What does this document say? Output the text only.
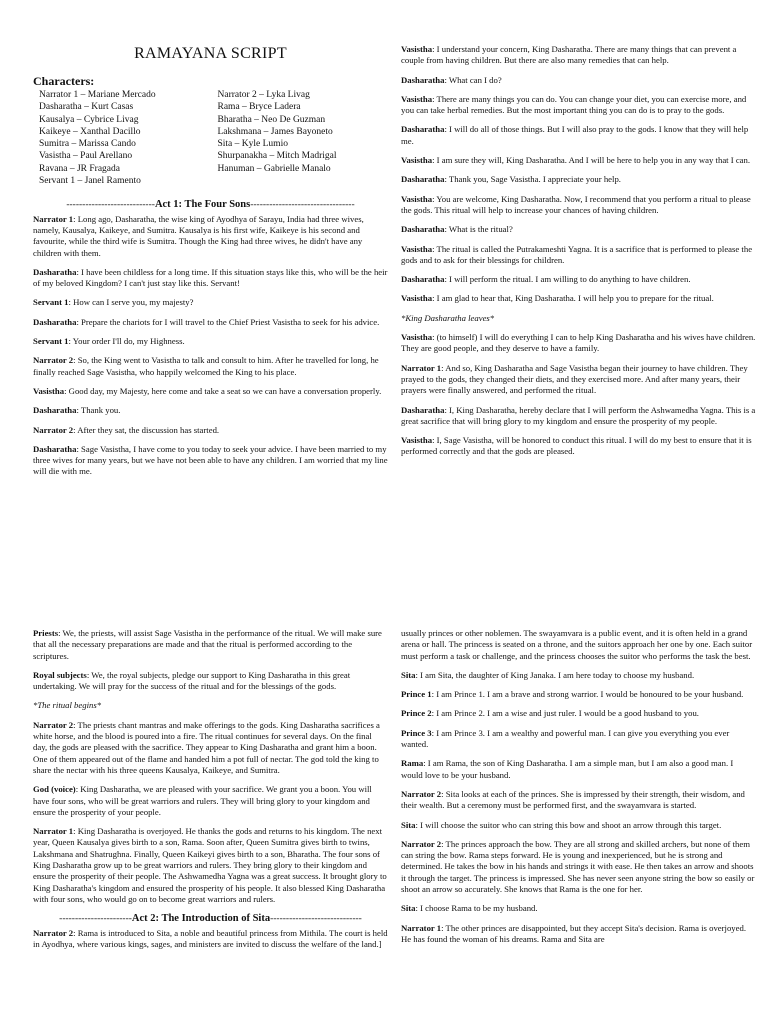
RAMAYANA SCRIPT
Characters:
Narrator 1 – Mariane Mercado
Dasharatha – Kurt Casas
Kausalya – Cybrice Livag
Kaikeye – Xanthal Dacillo
Sumitra – Marissa Cando
Vasistha – Paul Arellano
Ravana – JR Fragada
Servant 1 – Janel Ramento
Narrator 2 – Lyka Livag
Rama – Bryce Ladera
Bharatha – Neo De Guzman
Lakshmana – James Bayoneto
Sita – Kyle Lumio
Shurpanakha – Mitch Madrigal
Hanuman – Gabrielle Manalo
----------------------------Act 1: The Four Sons---------------------------------

Narrator 1: Long ago, Dasharatha, the wise king of Ayodhya of Sarayu, India had three wives, namely, Kausalya, Kaikeye, and Sumitra. Kausalya is his first wife, Kaikeye is his second and favourite, while the third wife is Sumitra. Though the King had three wives, he didn't have any children with them.

Dasharatha: I have been childless for a long time. If this situation stays like this, who will be the heir of my beloved Kingdom? I can't just stay like this. Servant!

Servant 1: How can I serve you, my majesty?

Dasharatha: Prepare the chariots for I will travel to the Chief Priest Vasistha to seek for his advice.

Servant 1: Your order I'll do, my Highness.

Narrator 2: So, the King went to Vasistha to talk and consult to him. After he travelled for long, he finally reached Sage Vasistha, who happily welcomed the King to his place.

Vasistha: Good day, my Majesty, here come and take a seat so we can have a conversation properly.

Dasharatha: Thank you.

Narrator 2: After they sat, the discussion has started.

Dasharatha: Sage Vasistha, I have come to you today to seek your advice. I have been married to my three wives for many years, but we have not been able to have any children. I am worried that my line will die with me.

Vasistha: I understand your concern, King Dasharatha. There are many things that can prevent a couple from having children. But there are also many remedies that can help.

Dasharatha: What can I do?

Vasistha: There are many things you can do. You can change your diet, you can exercise more, and you can take herbal remedies. But the most important thing you can do is to pray to the gods.

Dasharatha: I will do all of those things. But I will also pray to the gods. I know that they will help me.

Vasistha: I am sure they will, King Dasharatha. And I will be here to help you in any way that I can.

Dasharatha: Thank you, Sage Vasistha. I appreciate your help.

Vasistha: You are welcome, King Dasharatha. Now, I recommend that you perform a ritual to please the gods. This ritual will help to increase your chances of having children.

Dasharatha: What is the ritual?

Vasistha: The ritual is called the Putrakameshti Yagna. It is a sacrifice that is performed to please the gods and to ask for their blessings for children.

Dasharatha: I will perform the ritual. I am willing to do anything to have children.

Vasistha: I am glad to hear that, King Dasharatha. I will help you to prepare for the ritual.

*King Dasharatha leaves*

Vasistha: (to himself) I will do everything I can to help King Dasharatha and his wives have children. They are good people, and they deserve to have a family.

Narrator 1: And so, King Dasharatha and Sage Vasistha began their journey to have children. They prayed to the gods, they changed their diets, and they exercised more. And after many years, their prayers were finally answered, and performed the ritual.

Dasharatha: I, King Dasharatha, hereby declare that I will perform the Ashwamedha Yagna. This is a great sacrifice that will bring glory to my kingdom and ensure the prosperity of my people.

Vasistha: I, Sage Vasistha, will be honored to conduct this ritual. I will do my best to ensure that it is performed correctly and that the gods are pleased.

Priests: We, the priests, will assist Sage Vasistha in the performance of the ritual. We will make sure that all the necessary preparations are made and that the ritual is performed according to the scriptures.

Royal subjects: We, the royal subjects, pledge our support to King Dasharatha in this great undertaking. We will pray for the success of the ritual and for the blessings of the gods.

*The ritual begins*

Narrator 2: The priests chant mantras and make offerings to the gods. King Dasharatha sacrifices a white horse, and the blood is poured into a fire. The ritual continues for several days. On the final day, the gods are pleased with the sacrifice. They appear to King Dasharatha and grant him a boon. One of them appeared out of the flame and handed him a pot full of nectar. The god told the king to share the nectar with his three queens Kausalya, Kaikeye, and Sumitra.

God (voice): King Dasharatha, we are pleased with your sacrifice. We grant you a boon. You will have four sons, who will be great warriors and rulers. They will bring glory to your kingdom and ensure the prosperity of your people.

Narrator 1: King Dasharatha is overjoyed. He thanks the gods and returns to his kingdom. The next year, Queen Kausalya gives birth to a son, Rama. Soon after, Queen Sumitra gives birth to twins, Lakshmana and Shatrughna. Finally, Queen Kaikeyi gives birth to a son, Bharatha. The four sons of King Dasharatha grow up to be great warriors and rulers. They bring glory to their kingdom and ensure the prosperity of their people. The Ashwamedha Yagna was a great success. It brought glory to King Dasharatha's kingdom and ensured the prosperity of his people. It also blessed King Dasharatha with four sons, who would go on to become great warriors and rulers.

-----------------------Act 2: The Introduction of Sita-----------------------------

Narrator 2: Rama is introduced to Sita, a noble and beautiful princess from Mithila. The court is held in Ayodhya, where various kings, sages, and ministers are invited to discuss the welfare of the land.]

usually princes or other noblemen. The swayamvara is a public event, and it is often held in a grand arena or hall. The princess is seated on a throne, and the suitors approach her one by one. Each suitor must perform a task or challenge, and the princess chooses the suitor who performs the task the best.

Sita: I am Sita, the daughter of King Janaka. I am here today to choose my husband.

Prince 1: I am Prince 1. I am a brave and strong warrior. I would be honoured to be your husband.

Prince 2: I am Prince 2. I am a wise and just ruler. I would be a good husband to you.

Prince 3: I am Prince 3. I am a wealthy and powerful man. I can give you everything you ever wanted.

Rama: I am Rama, the son of King Dasharatha. I am a simple man, but I am also a good man. I would love to be your husband.

Narrator 2: Sita looks at each of the princes. She is impressed by their strength, their wisdom, and their wealth. But a ceremony must be performed first, and the swayamvara is started.

Sita: I will choose the suitor who can string this bow and shoot an arrow through this target.

Narrator 2: The princes approach the bow. They are all strong and skilled archers, but none of them can string the bow. Rama steps forward. He is young and inexperienced, but he is strong and determined. He takes the bow in his hands and strings it with ease. He then takes an arrow and shoots it through the target. The princess is impressed. She has never seen anyone string the bow so easily or shoot an arrow so accurately. She knows that Rama is the one for her.

Sita: I choose Rama to be my husband.

Narrator 1: The other princes are disappointed, but they accept Sita's decision. Rama is overjoyed. He has found the woman of his dreams. Rama and Sita are
